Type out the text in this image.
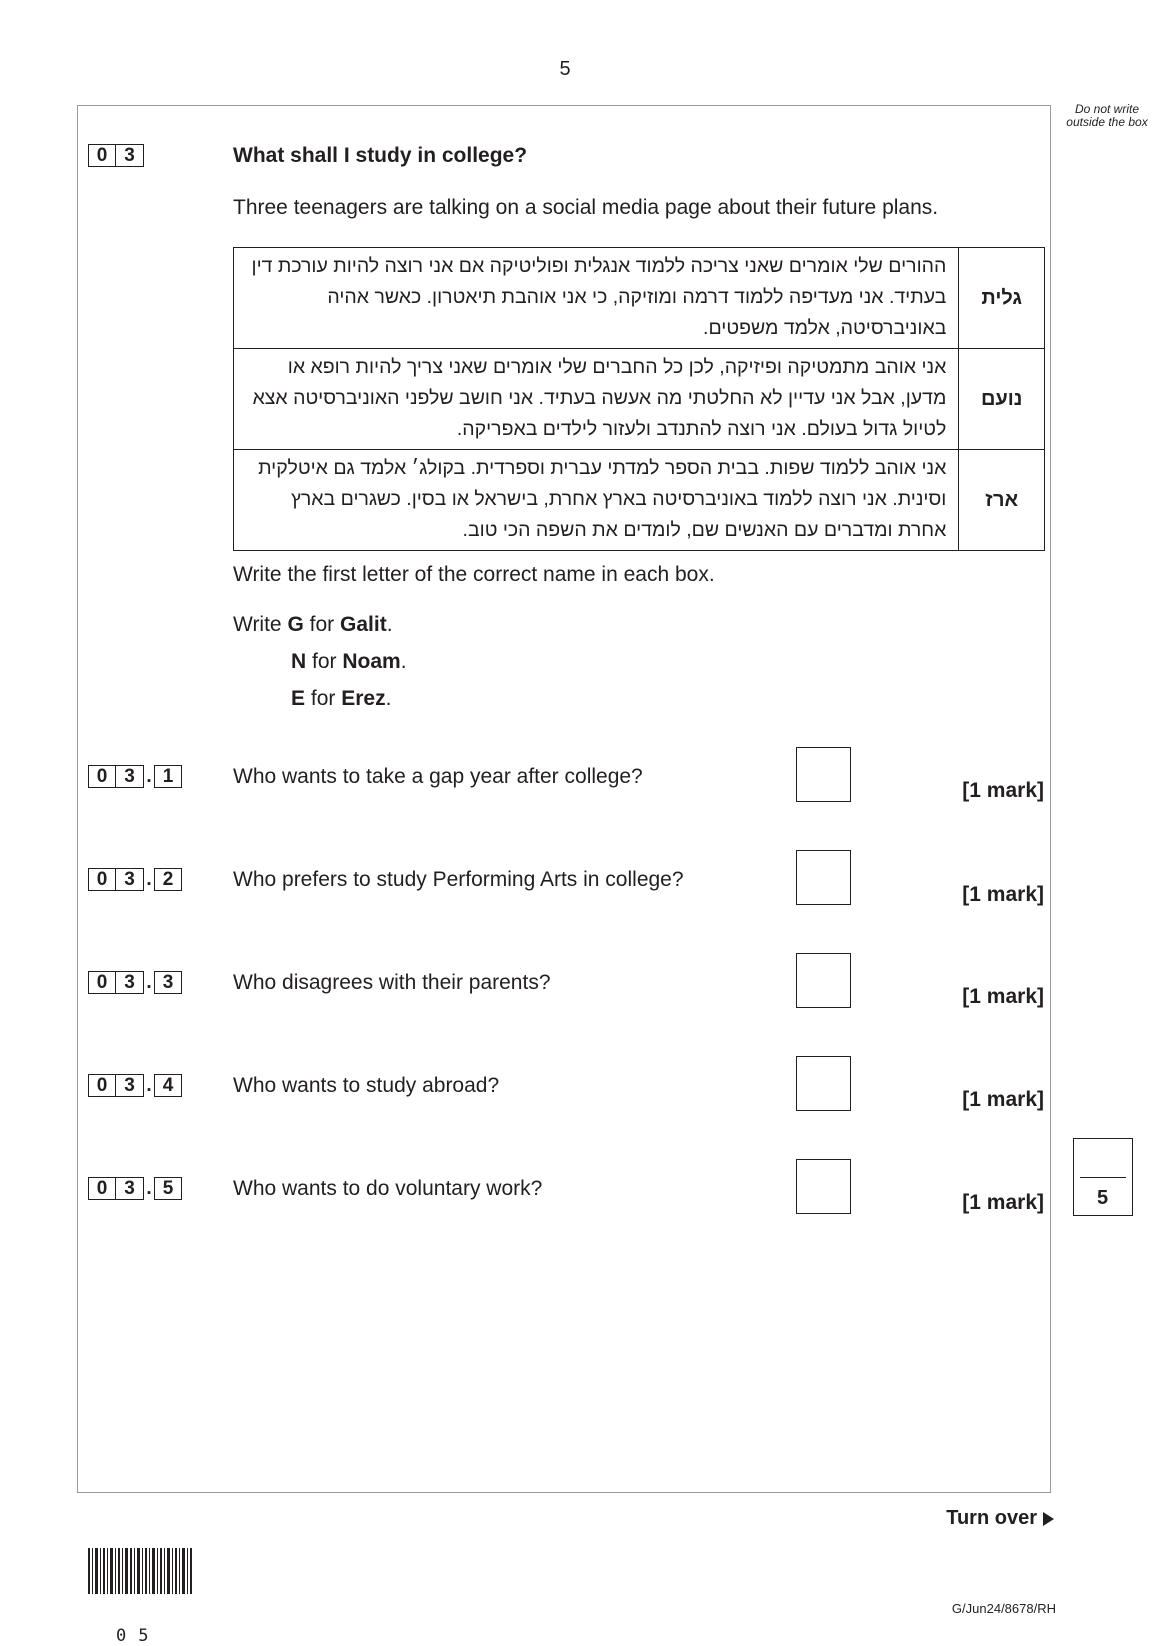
5
Do not write outside the box
0 3	What shall I study in college?
Three teenagers are talking on a social media page about their future plans.
ההורים שלי אומרים שאני צריכה ללמוד אנגלית ופוליטיקה אם אני רוצה להיות עורכת דין בעתיד. אני מעדיפה ללמוד דרמה ומוזיקה, כי אני אוהבת תיאטרון. כאשר אהיה באוניברסיטה, אלמד משפטים.	גלית
אני אוהב מתמטיקה ופיזיקה, לכן כל החברים שלי אומרים שאני צריך להיות רופא או מדען, אבל אני עדיין לא החלטתי מה אעשה בעתיד. אני חושב שלפני האוניברסיטה אצא לטיול גדול בעולם. אני רוצה להתנדב ולעזור לילדים באפריקה.	נועם
אני אוהב ללמוד שפות. בבית הספר למדתי עברית וספרדית. בקולג׳ אלמד גם איטלקית וסינית. אני רוצה ללמוד באוניברסיטה בארץ אחרת, בישראל או בסין. כשגרים בארץ אחרת ומדברים עם האנשים שם, לומדים את השפה הכי טוב.	ארז
Write the first letter of the correct name in each box.
Write G for Galit.
N for Noam.
E for Erez.
0 3 . 1	Who wants to take a gap year after college?
[1 mark]
0 3 . 2	Who prefers to study Performing Arts in college?
[1 mark]
0 3 . 3	Who disagrees with their parents?
[1 mark]
0 3 . 4	Who wants to study abroad?
[1 mark]
0 3 . 5	Who wants to do voluntary work?
[1 mark]	5
Turn over
05
G/Jun24/8678/RH
